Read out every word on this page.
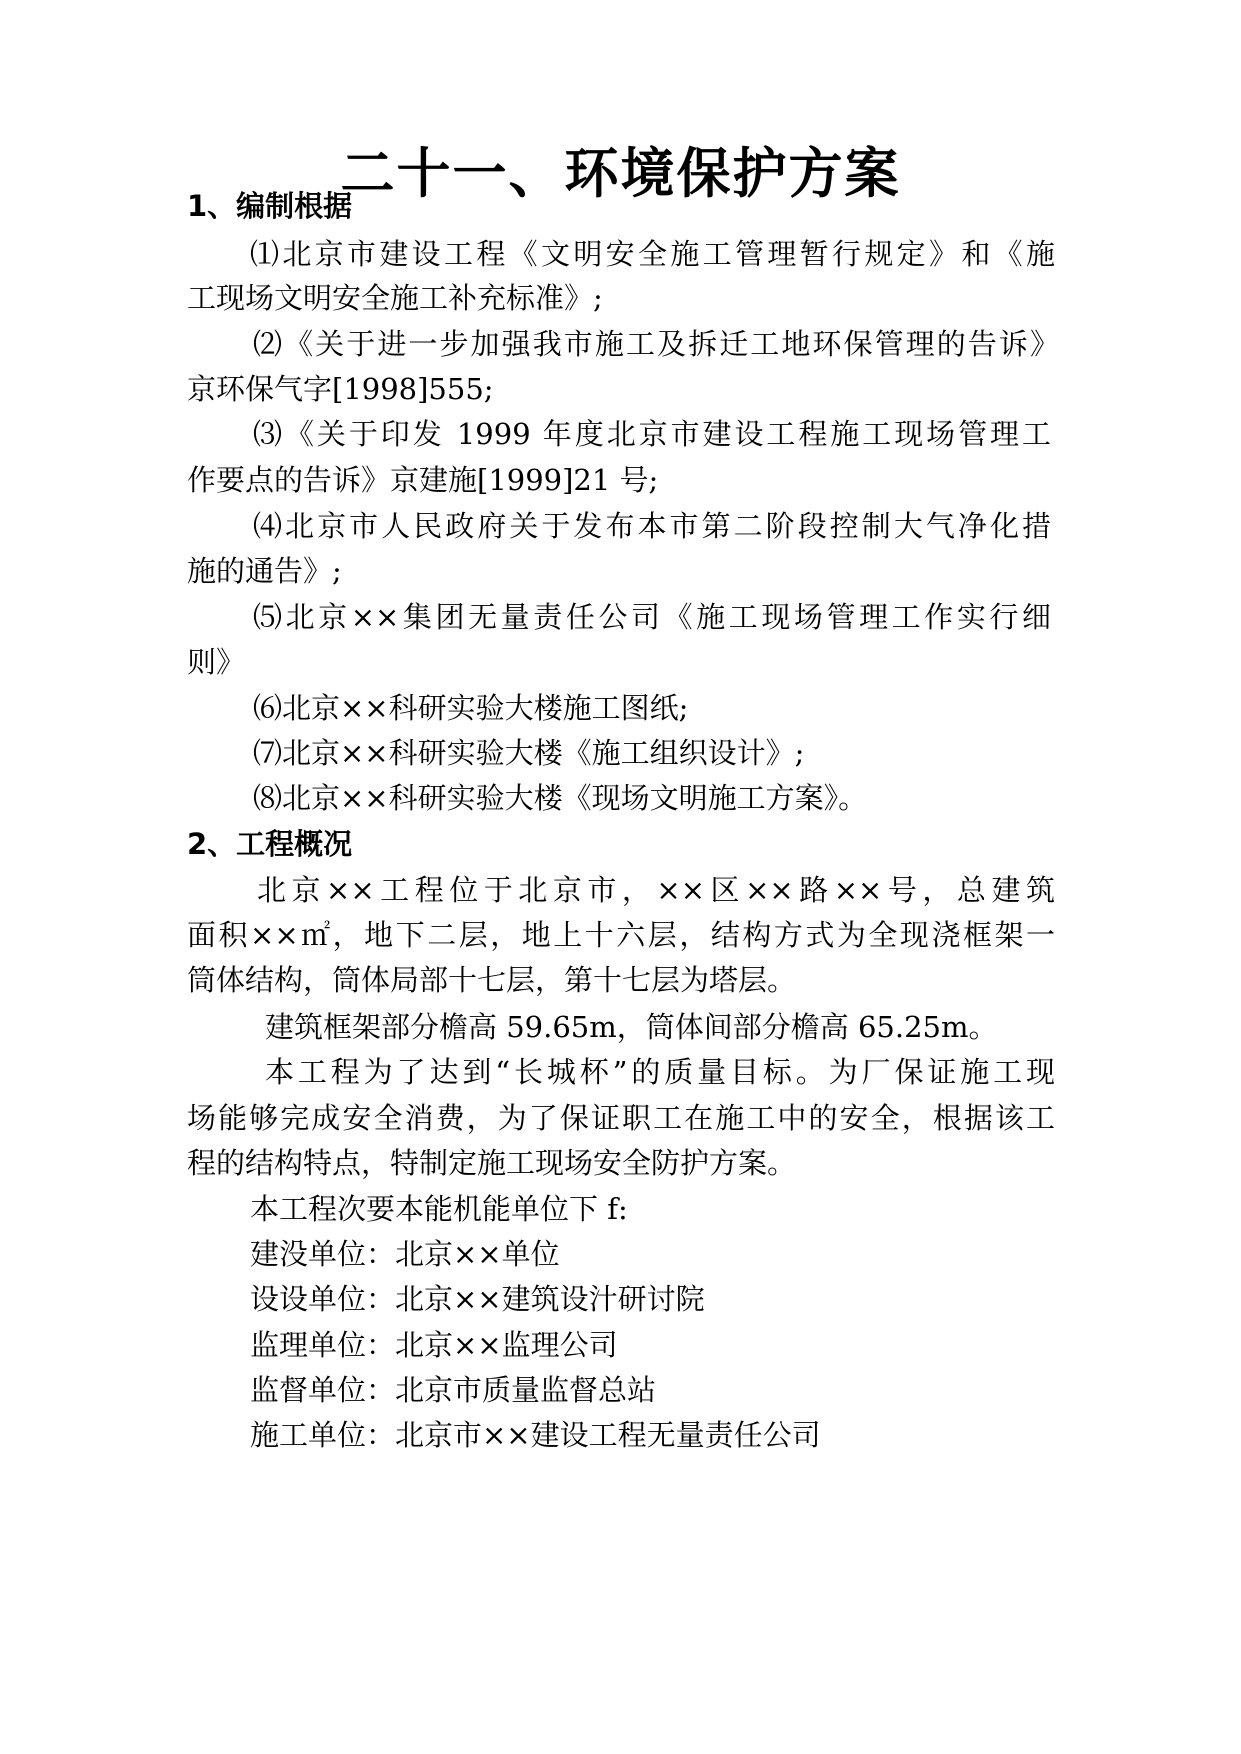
二十一、环境保护方案
1、编制根据
⑴北京市建设工程《文明安全施工管理暂行规定》和《施
工现场文明安全施工补充标准》;
⑵《关于进一步加强我市施工及拆迁工地环保管理的告诉》
京环保气字[1998]555;
⑶《关于印发 1999 年度北京市建设工程施工现场管理工
作要点的告诉》京建施[1999]21 号;
⑷北京市人民政府关于发布本市第二阶段控制大气净化措
施的通告》;
⑸北京××集团无量责任公司《施工现场管理工作实行细
则》
⑹北京××科研实验大楼施工图纸;
⑺北京××科研实验大楼《施工组织设计》;
⑻北京××科研实验大楼《现场文明施工方案》。
2、工程概况
北京××工程位于北京市，××区××路××号，总建筑
面积××㎡，地下二层，地上十六层，结构方式为全现浇框架一
筒体结构，筒体局部十七层，第十七层为塔层。
建筑框架部分檐高 59.65m，筒体间部分檐高 65.25m。
本工程为了达到“长城杯”的质量目标。为厂保证施工现
场能够完成安全消费，为了保证职工在施工中的安全，根据该工
程的结构特点，特制定施工现场安全防护方案。
本工程次要本能机能单位下 f:
建没单位：北京××单位
设设单位：北京××建筑设汁研讨院
监理单位：北京××监理公司
监督单位：北京市质量监督总站
施工单位：北京市××建设工程无量责任公司
